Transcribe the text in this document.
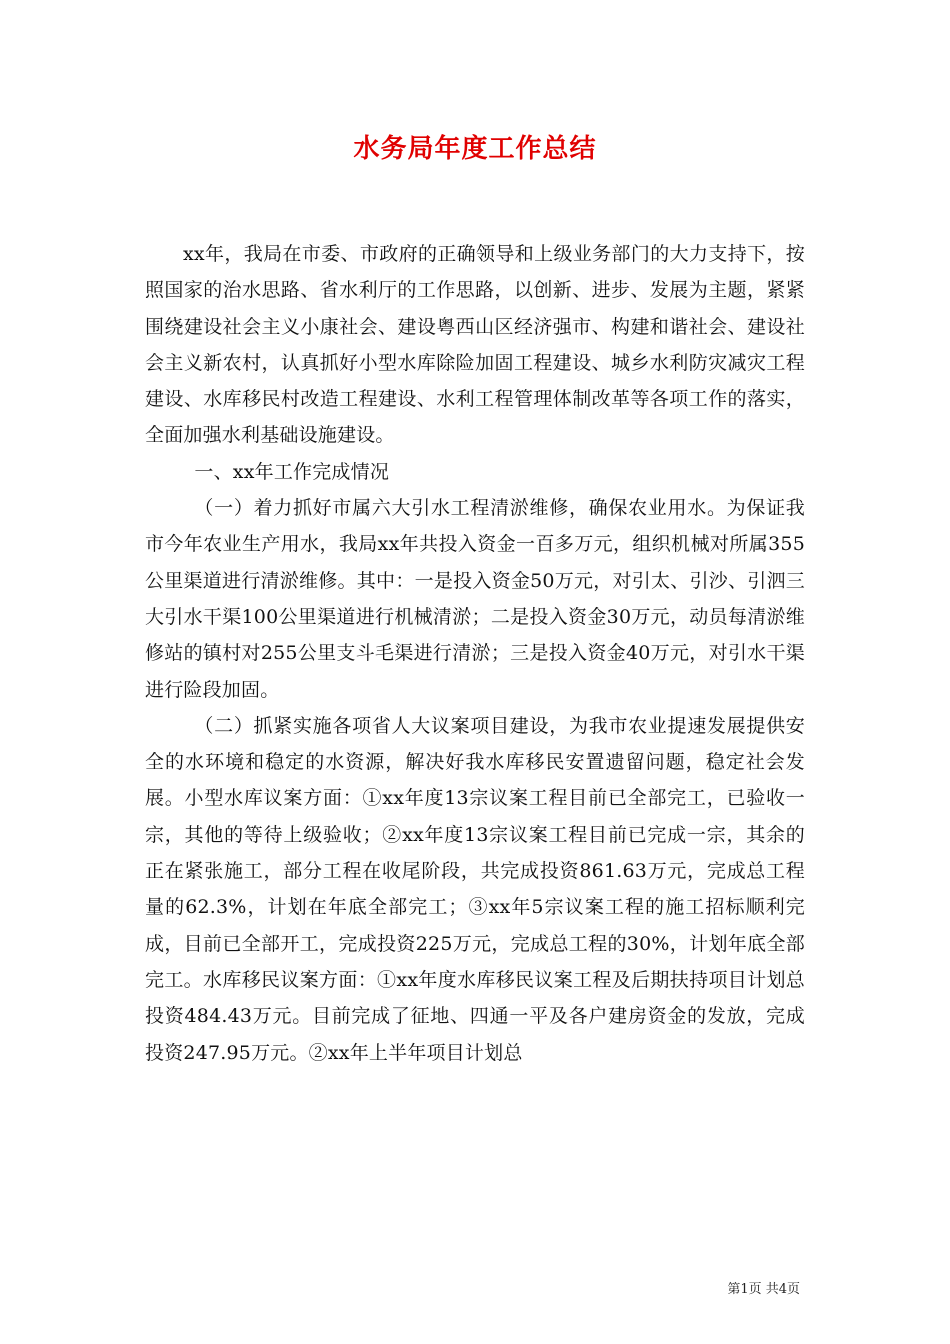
水务局年度工作总结

xx年，我局在市委、市政府的正确领导和上级业务部门的大力支持下，按照国家的治水思路、省水利厅的工作思路，以创新、进步、发展为主题，紧紧围绕建设社会主义小康社会、建设粤西山区经济强市、构建和谐社会、建设社会主义新农村，认真抓好小型水库除险加固工程建设、城乡水利防灾减灾工程建设、水库移民村改造工程建设、水利工程管理体制改革等各项工作的落实，全面加强水利基础设施建设。

一、xx年工作完成情况

（一）着力抓好市属六大引水工程清淤维修，确保农业用水。为保证我市今年农业生产用水，我局xx年共投入资金一百多万元，组织机械对所属355公里渠道进行清淤维修。其中：一是投入资金50万元，对引太、引沙、引泗三大引水干渠100公里渠道进行机械清淤；二是投入资金30万元，动员每清淤维修站的镇村对255公里支斗毛渠进行清淤；三是投入资金40万元，对引水干渠进行险段加固。

（二）抓紧实施各项省人大议案项目建设，为我市农业提速发展提供安全的水环境和稳定的水资源，解决好我水库移民安置遗留问题，稳定社会发展。小型水库议案方面：①xx年度13宗议案工程目前已全部完工，已验收一宗，其他的等待上级验收；②xx年度13宗议案工程目前已完成一宗，其余的正在紧张施工，部分工程在收尾阶段，共完成投资861.63万元，完成总工程量的62.3%，计划在年底全部完工；③xx年5宗议案工程的施工招标顺利完成，目前已全部开工，完成投资225万元，完成总工程的30%，计划年底全部完工。水库移民议案方面：①xx年度水库移民议案工程及后期扶持项目计划总投资484.43万元。目前完成了征地、四通一平及各户建房资金的发放，完成投资247.95万元。②xx年上半年项目计划总

第1页 共4页
